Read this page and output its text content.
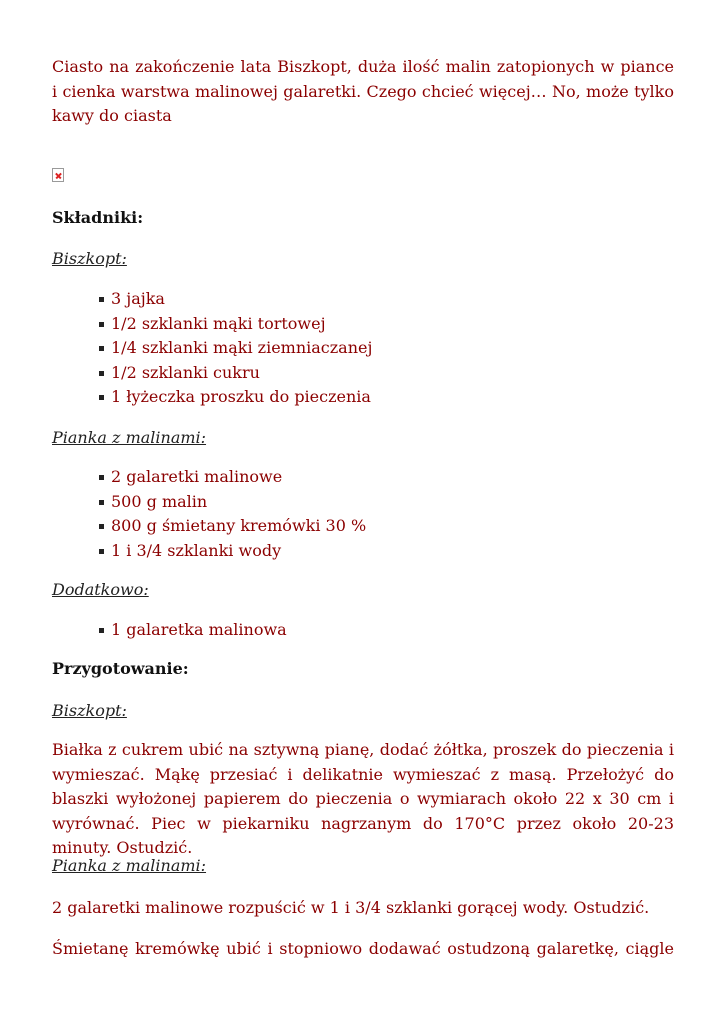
Ciasto na zakończenie lata Biszkopt, duża ilość malin zatopionych w piance i cienka warstwa malinowej galaretki. Czego chcieć więcej… No, może tylko kawy do ciasta

Składniki:

Biszkopt:

3 jajka
1/2 szklanki mąki tortowej
1/4 szklanki mąki ziemniaczanej
1/2 szklanki cukru
1 łyżeczka proszku do pieczenia

Pianka z malinami:

2 galaretki malinowe
500 g malin
800 g śmietany kremówki 30 %
1 i 3/4 szklanki wody

Dodatkowo:

1 galaretka malinowa

Przygotowanie:

Biszkopt:

Białka z cukrem ubić na sztywną pianę, dodać żółtka, proszek do pieczenia i wymieszać. Mąkę przesiać i delikatnie wymieszać z masą. Przełożyć do blaszki wyłożonej papierem do pieczenia o wymiarach około 22 x 30 cm i wyrównać. Piec w piekarniku nagrzanym do 170°C przez około 20-23 minuty. Ostudzić.

Pianka z malinami:

2 galaretki malinowe rozpuścić w 1 i 3/4 szklanki gorącej wody. Ostudzić.

Śmietanę kremówkę ubić i stopniowo dodawać ostudzoną galaretkę, ciągle
